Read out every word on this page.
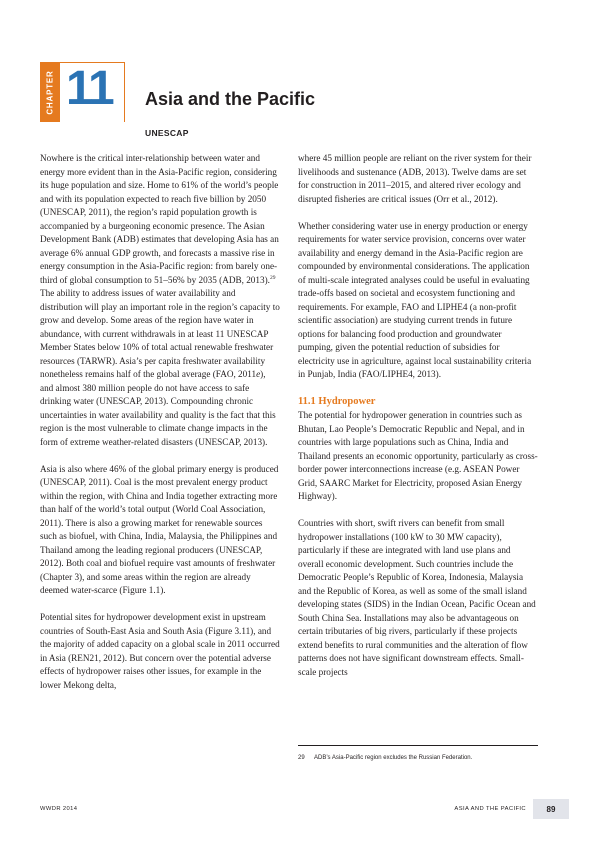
CHAPTER 11 Asia and the Pacific
UNESCAP

Nowhere is the critical inter-relationship between water and energy more evident than in the Asia-Pacific region, considering its huge population and size. Home to 61% of the world’s people and with its population expected to reach five billion by 2050 (UNESCAP, 2011), the region’s rapid population growth is accompanied by a burgeoning economic presence. The Asian Development Bank (ADB) estimates that developing Asia has an average 6% annual GDP growth, and forecasts a massive rise in energy consumption in the Asia-Pacific region: from barely one-third of global consumption to 51–56% by 2035 (ADB, 2013).$^{29}$ The ability to address issues of water availability and distribution will play an important role in the region’s capacity to grow and develop. Some areas of the region have water in abundance, with current withdrawals in at least 11 UNESCAP Member States below 10% of total actual renewable freshwater resources (TARWR). Asia’s per capita freshwater availability nonetheless remains half of the global average (FAO, 2011e), and almost 380 million people do not have access to safe drinking water (UNESCAP, 2013). Compounding chronic uncertainties in water availability and quality is the fact that this region is the most vulnerable to climate change impacts in the form of extreme weather-related disasters (UNESCAP, 2013).

Asia is also where 46% of the global primary energy is produced (UNESCAP, 2011). Coal is the most prevalent energy product within the region, with China and India together extracting more than half of the world’s total output (World Coal Association, 2011). There is also a growing market for renewable sources such as biofuel, with China, India, Malaysia, the Philippines and Thailand among the leading regional producers (UNESCAP, 2012). Both coal and biofuel require vast amounts of freshwater (Chapter 3), and some areas within the region are already deemed water-scarce (Figure 1.1).

Potential sites for hydropower development exist in upstream countries of South-East Asia and South Asia (Figure 3.11), and the majority of added capacity on a global scale in 2011 occurred in Asia (REN21, 2012). But concern over the potential adverse effects of hydropower raises other issues, for example in the lower Mekong delta,

where 45 million people are reliant on the river system for their livelihoods and sustenance (ADB, 2013). Twelve dams are set for construction in 2011–2015, and altered river ecology and disrupted fisheries are critical issues (Orr et al., 2012).

Whether considering water use in energy production or energy requirements for water service provision, concerns over water availability and energy demand in the Asia-Pacific region are compounded by environmental considerations. The application of multi-scale integrated analyses could be useful in evaluating trade-offs based on societal and ecosystem functioning and requirements. For example, FAO and LIPHE4 (a non-profit scientific association) are studying current trends in future options for balancing food production and groundwater pumping, given the potential reduction of subsidies for electricity use in agriculture, against local sustainability criteria in Punjab, India (FAO/LIPHE4, 2013).

11.1 Hydropower

The potential for hydropower generation in countries such as Bhutan, Lao People’s Democratic Republic and Nepal, and in countries with large populations such as China, India and Thailand presents an economic opportunity, particularly as cross-border power interconnections increase (e.g. ASEAN Power Grid, SAARC Market for Electricity, proposed Asian Energy Highway).

Countries with short, swift rivers can benefit from small hydropower installations (100 kW to 30 MW capacity), particularly if these are integrated with land use plans and overall economic development. Such countries include the Democratic People’s Republic of Korea, Indonesia, Malaysia and the Republic of Korea, as well as some of the small island developing states (SIDS) in the Indian Ocean, Pacific Ocean and South China Sea. Installations may also be advantageous on certain tributaries of big rivers, particularly if these projects extend benefits to rural communities and the alteration of flow patterns does not have significant downstream effects. Small-scale projects

29 ADB’s Asia-Pacific region excludes the Russian Federation.
WWDR 2014	ASIA AND THE PACIFIC	89
